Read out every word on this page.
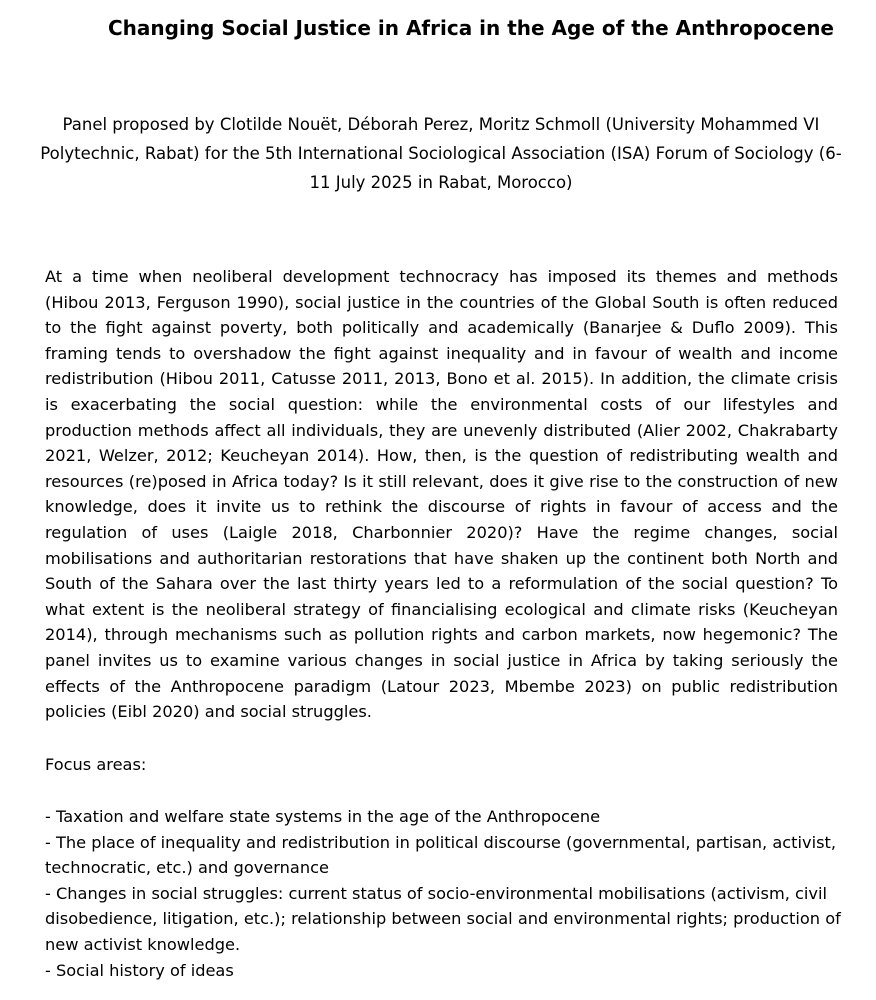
Changing Social Justice in Africa in the Age of the Anthropocene

Panel proposed by Clotilde Nouët, Déborah Perez, Moritz Schmoll (University Mohammed VI Polytechnic, Rabat) for the 5th International Sociological Association (ISA) Forum of Sociology (6-11 July 2025 in Rabat, Morocco)

At a time when neoliberal development technocracy has imposed its themes and methods (Hibou 2013, Ferguson 1990), social justice in the countries of the Global South is often reduced to the fight against poverty, both politically and academically (Banarjee & Duflo 2009). This framing tends to overshadow the fight against inequality and in favour of wealth and income redistribution (Hibou 2011, Catusse 2011, 2013, Bono et al. 2015). In addition, the climate crisis is exacerbating the social question: while the environmental costs of our lifestyles and production methods affect all individuals, they are unevenly distributed (Alier 2002, Chakrabarty 2021, Welzer, 2012; Keucheyan 2014). How, then, is the question of redistributing wealth and resources (re)posed in Africa today? Is it still relevant, does it give rise to the construction of new knowledge, does it invite us to rethink the discourse of rights in favour of access and the regulation of uses (Laigle 2018, Charbonnier 2020)? Have the regime changes, social mobilisations and authoritarian restorations that have shaken up the continent both North and South of the Sahara over the last thirty years led to a reformulation of the social question? To what extent is the neoliberal strategy of financialising ecological and climate risks (Keucheyan 2014), through mechanisms such as pollution rights and carbon markets, now hegemonic? The panel invites us to examine various changes in social justice in Africa by taking seriously the effects of the Anthropocene paradigm (Latour 2023, Mbembe 2023) on public redistribution policies (Eibl 2020) and social struggles.

Focus areas:

- Taxation and welfare state systems in the age of the Anthropocene
- The place of inequality and redistribution in political discourse (governmental, partisan, activist, technocratic, etc.) and governance
- Changes in social struggles: current status of socio-environmental mobilisations (activism, civil disobedience, litigation, etc.); relationship between social and environmental rights; production of new activist knowledge.
- Social history of ideas
